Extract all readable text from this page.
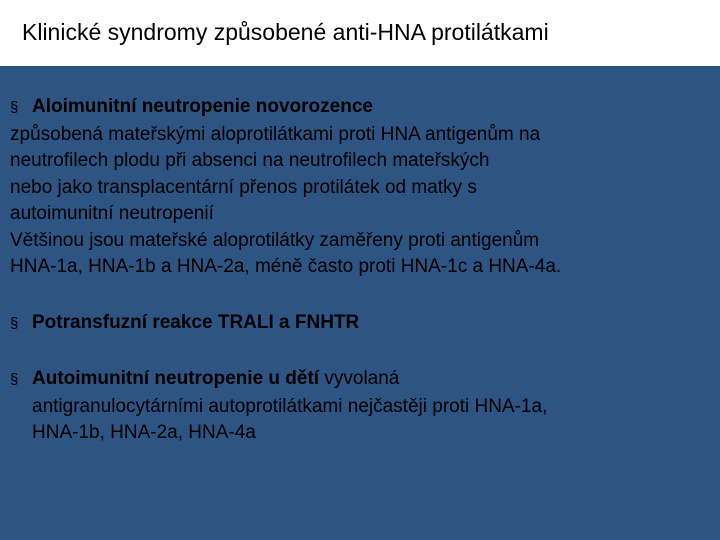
Klinické syndromy způsobené anti-HNA protilátkami
§ Aloimunitní neutropenie novorozence
způsobená mateřskými aloprotilátkami proti HNA antigenům na
neutrofilech plodu při absenci na neutrofilech mateřských
nebo jako transplacentární přenos protilátek od matky s
autoimunitní neutropenií
Většinou jsou mateřské aloprotilátky zaměřeny proti antigenům
HNA-1a, HNA-1b a HNA-2a, méně často proti HNA-1c a HNA-4a.
§ Potransfuzní reakce TRALI a FNHTR
§ Autoimunitní neutropenie u dětí vyvolaná
antigranulocytárními autoprotilátkami nejčastěji proti HNA-1a,
HNA-1b, HNA-2a, HNA-4a
